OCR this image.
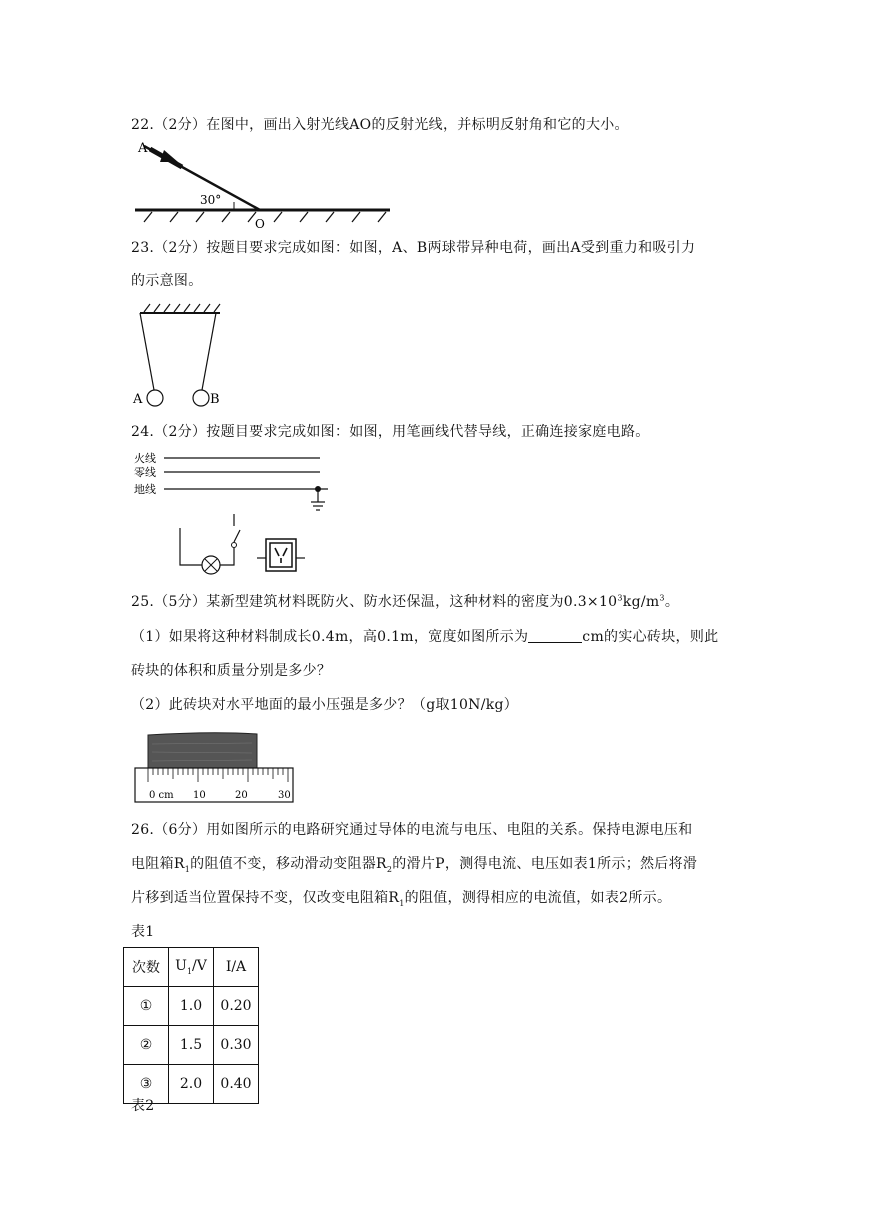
22.（2分）在图中，画出入射光线AO的反射光线，并标明反射角和它的大小。
A
30°
O
23.（2分）按题目要求完成如图：如图，A、B两球带异种电荷，画出A受到重力和吸引力
的示意图。
A	B
24.（2分）按题目要求完成如图：如图，用笔画线代替导线，正确连接家庭电路。
火线
零线
地线
25.（5分）某新型建筑材料既防火、防水还保温，这种材料的密度为$0.3\times 10^3kg/m^3$。
（1）如果将这种材料制成长0.4m，高0.1m，宽度如图所示为	cm的实心砖块，则此
砖块的体积和质量分别是多少？
（2）此砖块对水平地面的最小压强是多少？（g取10N/kg）
0 cm 10	20	30
26.（6分）用如图所示的电路研究通过导体的电流与电压、电阻的关系。保持电源电压和
电阻箱$R_1$的阻值不变，移动滑动变阻器$R_2$的滑片P，测得电流、电压如表1所示；然后将滑
片移到适当位置保持不变，仅改变电阻箱$R_1$的阻值，测得相应的电流值，如表2所示。
表1
次数	$U_1/V$	I/A
①	1.0	0.20
②	1.5	0.30
③	2.0	0.40
表2
